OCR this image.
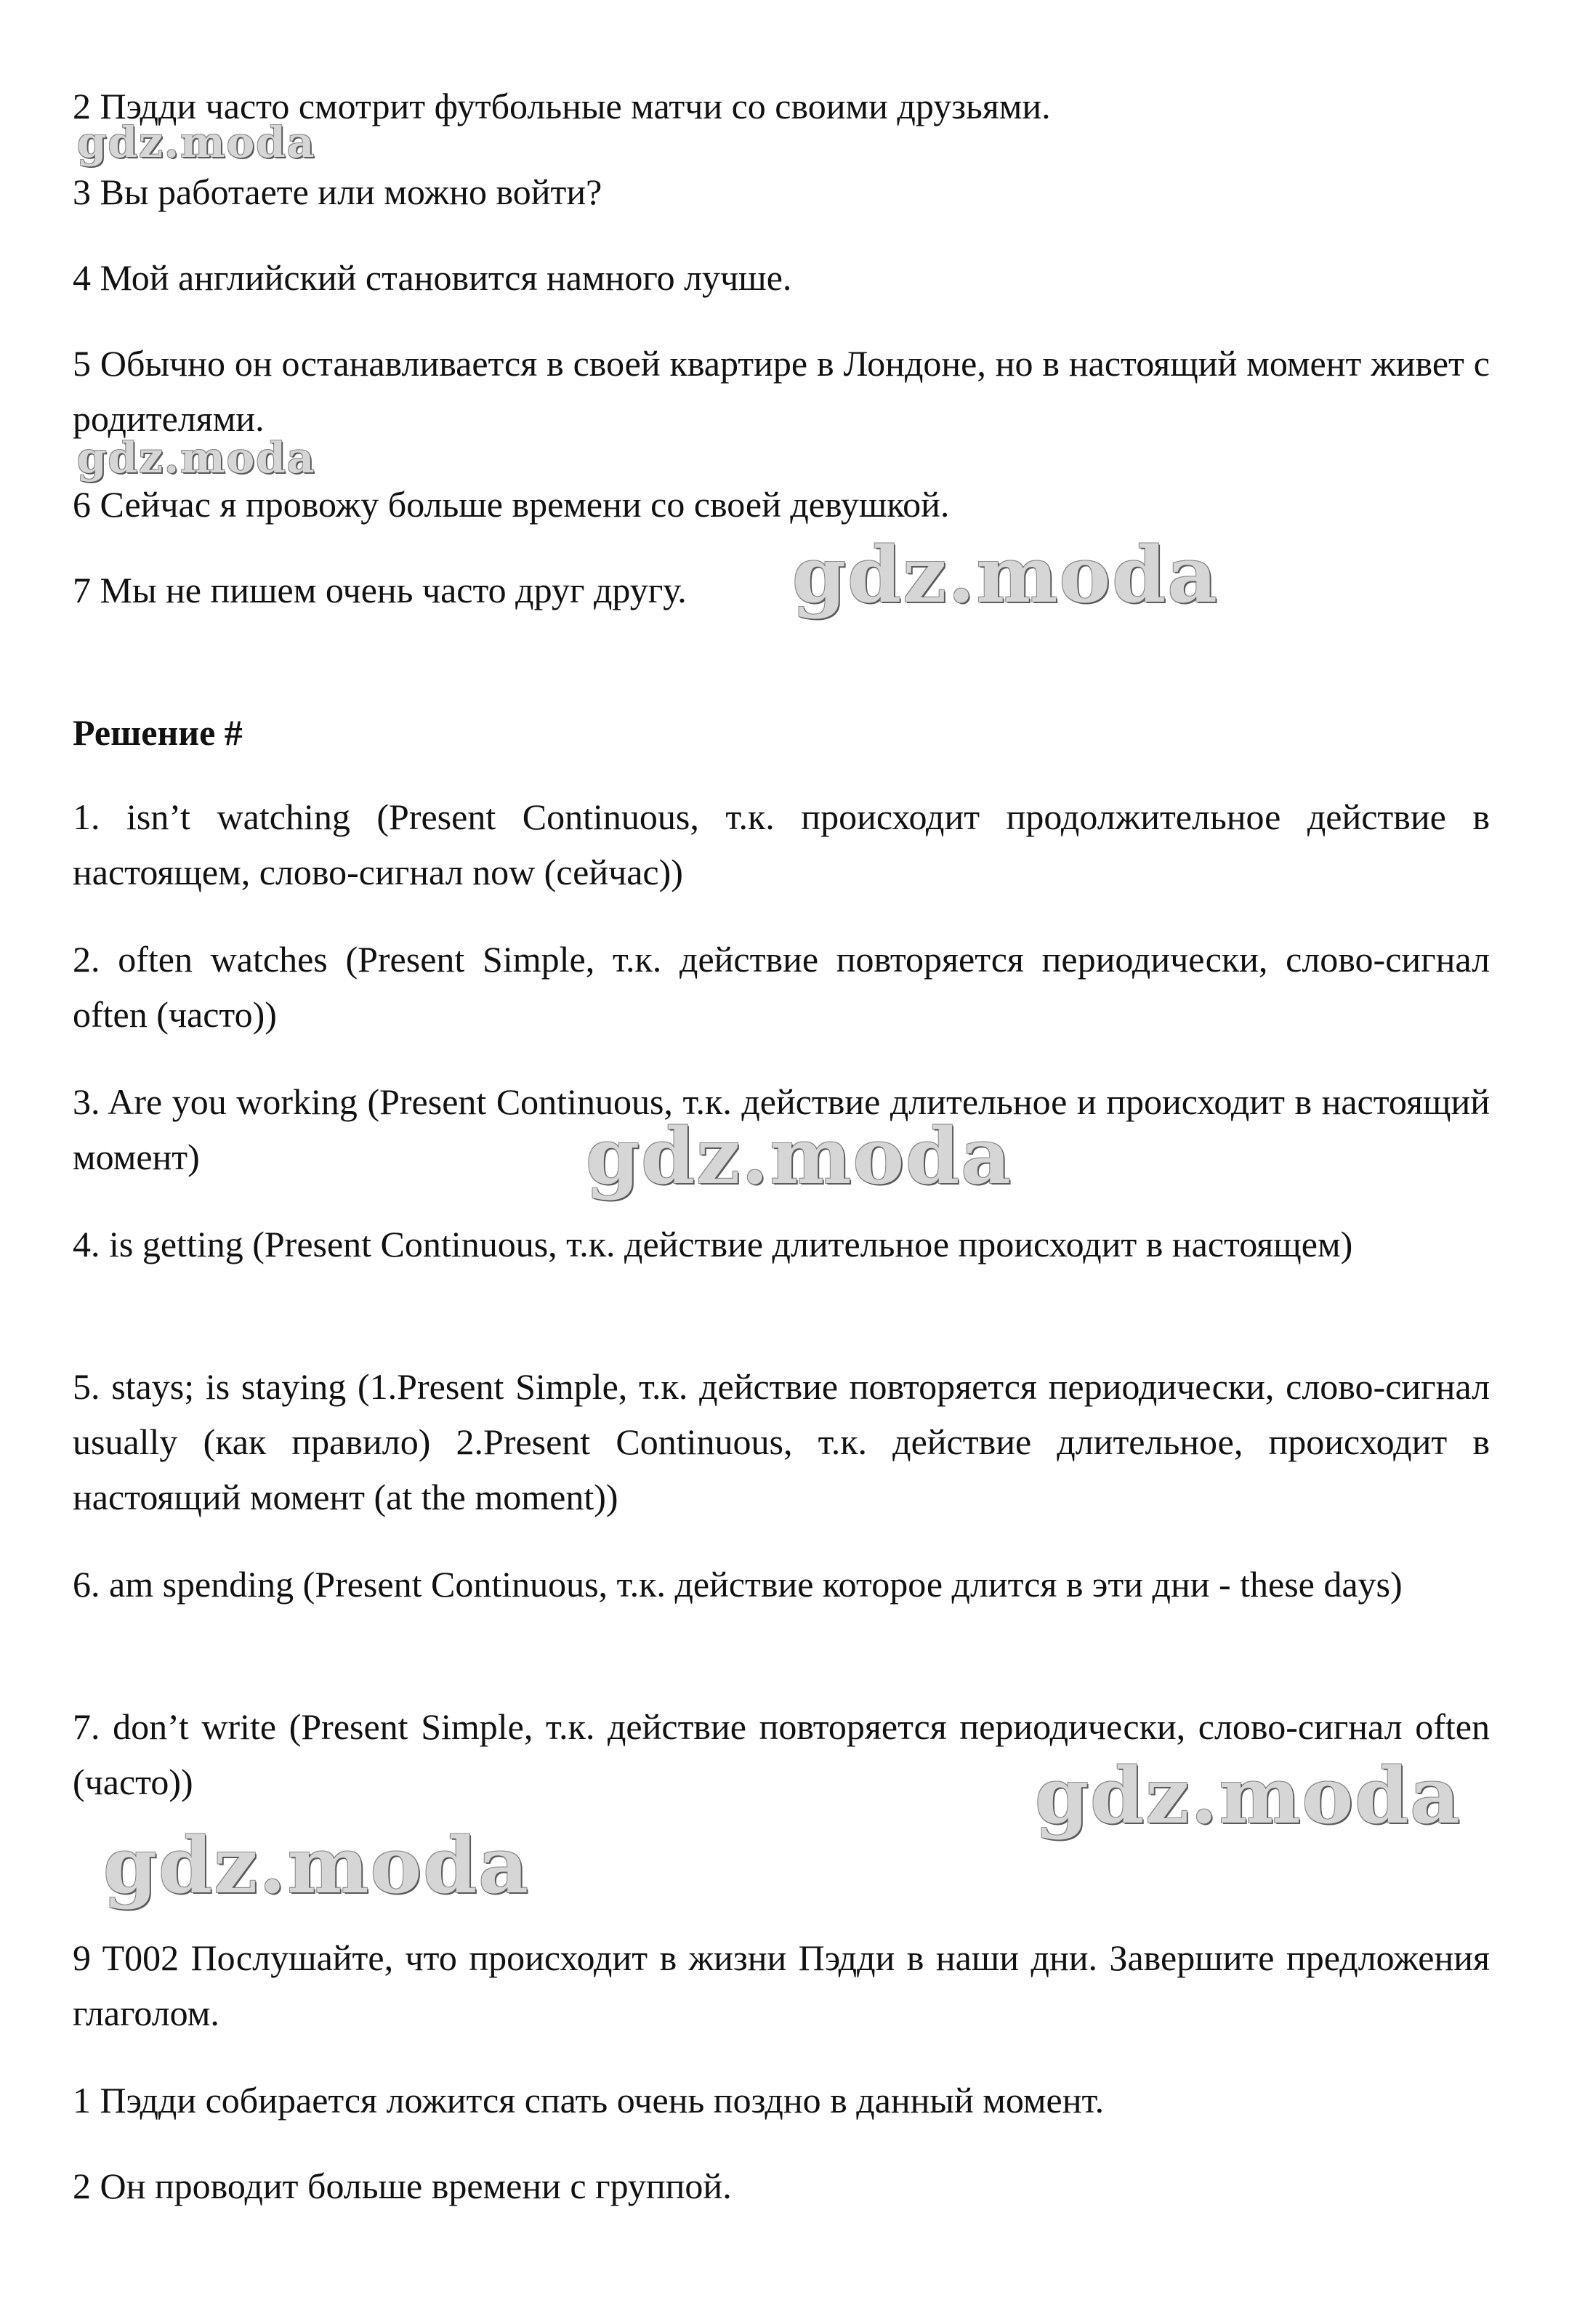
2 Пэдди часто смотрит футбольные матчи со своими друзьями.
3 Вы работаете или можно войти?
4 Мой английский становится намного лучше.
5 Обычно он останавливается в своей квартире в Лондоне, но в настоящий момент живет с родителями.
6 Сейчас я провожу больше времени со своей девушкой.
7 Мы не пишем очень часто друг другу.
Решение #
1. isn’t watching (Present Continuous, т.к. происходит продолжительное действие в настоящем, слово-сигнал now (сейчас))
2. often watches (Present Simple, т.к. действие повторяется периодически, слово-сигнал often (часто))
3. Are you working (Present Continuous, т.к. действие длительное и происходит в настоящий момент)
4. is getting (Present Continuous, т.к. действие длительное происходит в настоящем)
5. stays; is staying (1.Present Simple, т.к. действие повторяется периодически, слово-сигнал usually (как правило) 2.Present Continuous, т.к. действие длительное, происходит в настоящий момент (at the moment))
6. am spending (Present Continuous, т.к. действие которое длится в эти дни - these days)
7. don’t write (Present Simple, т.к. действие повторяется периодически, слово-сигнал often (часто))
9 T002 Послушайте, что происходит в жизни Пэдди в наши дни. Завершите предложения глаголом.
1 Пэдди собирается ложится спать очень поздно в данный момент.
2 Он проводит больше времени с группой.
gdz.moda
gdz.moda
gdz.moda
gdz.moda
gdz.moda
gdz.moda
